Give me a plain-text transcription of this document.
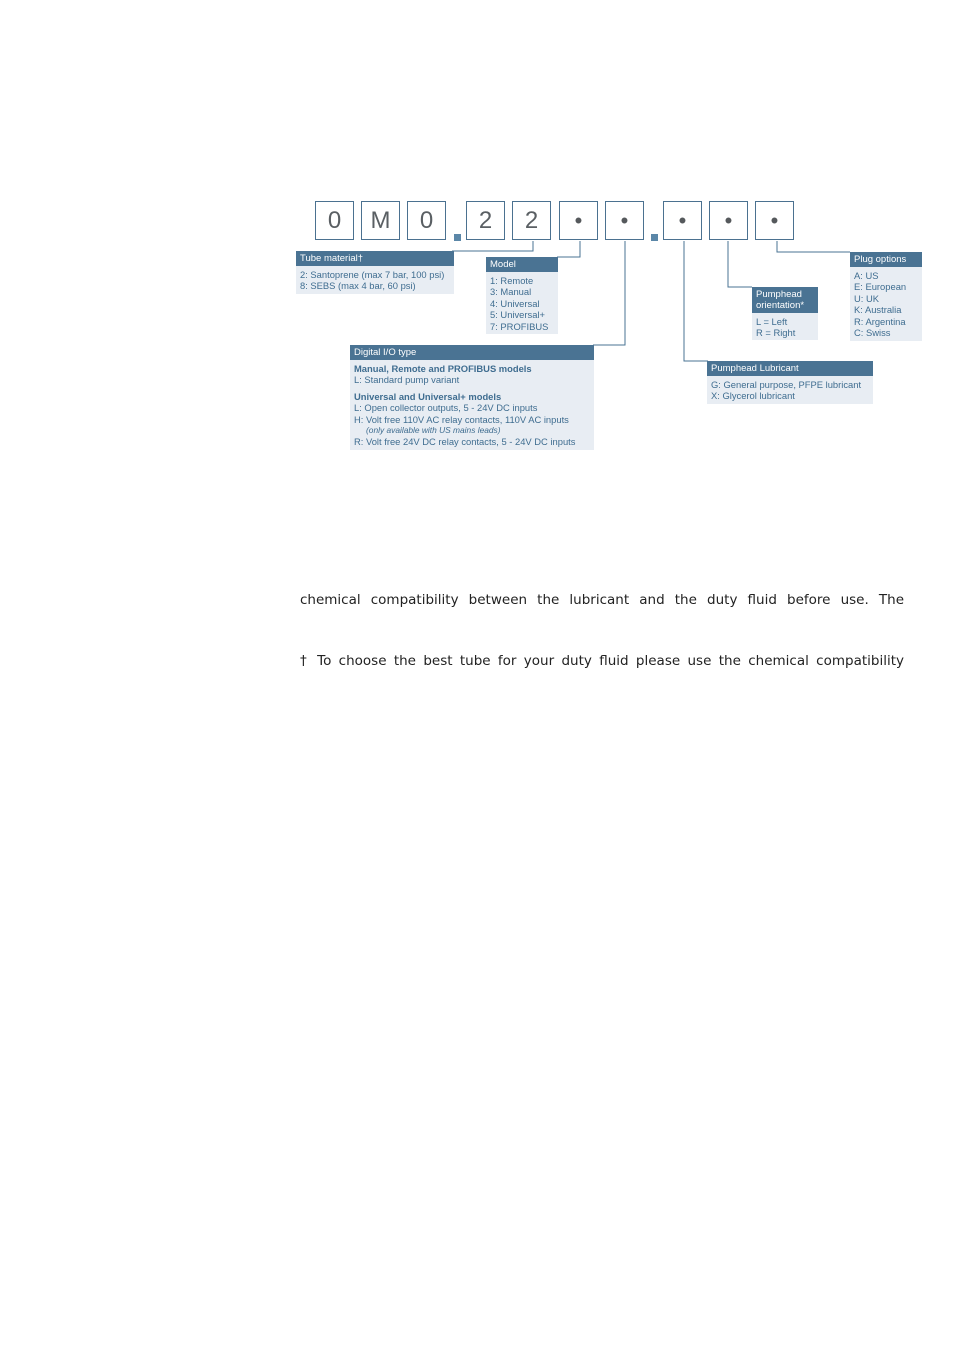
0	M	0	2	2	•	•	•	•	•
Tube material†
2: Santoprene (max 7 bar, 100 psi)
8: SEBS (max 4 bar, 60 psi)
Model
1: Remote
3: Manual
4: Universal
5: Universal+
7: PROFIBUS
Digital I/O type
Manual, Remote and PROFIBUS models
L: Standard pump variant
Universal and Universal+ models
L: Open collector outputs, 5 - 24V DC inputs
H: Volt free 110V AC relay contacts, 110V AC inputs
(only available with US mains leads)
R: Volt free 24V DC relay contacts, 5 - 24V DC inputs
Pumphead Lubricant
G: General purpose, PFPE lubricant
X: Glycerol lubricant
Pumphead
orientation*
L = Left
R = Right
Plug options
A: US
E: European
U: UK
K: Australia
R: Argentina
C: Swiss
chemical compatibility between the lubricant and the duty fluid before use. The
† To choose the best tube for your duty fluid please use the chemical compatibility
